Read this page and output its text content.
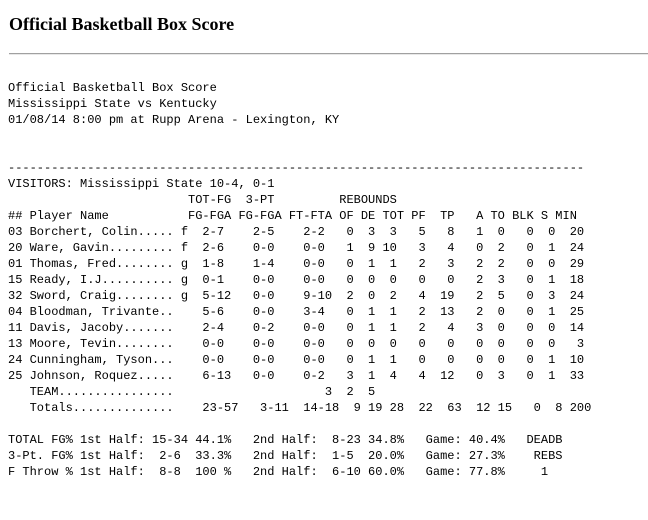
Official Basketball Box Score
Official Basketball Box Score
Mississippi State vs Kentucky
01/08/14 8:00 pm at Rupp Arena - Lexington, KY

--------------------------------------------------------------------------------
VISITORS: Mississippi State 10-4, 0-1
TOT-FG  3-PT         REBOUNDS
## Player Name           FG-FGA FG-FGA FT-FTA OF DE TOT PF  TP   A TO BLK S MIN
03 Borchert, Colin..... f  2-7    2-5    2-2   0  3  3   5   8   1  0   0  0  20
20 Ware, Gavin......... f  2-6    0-0    0-0   1  9 10   3   4   0  2   0  1  24
01 Thomas, Fred........ g  1-8    1-4    0-0   0  1  1   2   3   2  2   0  0  29
15 Ready, I.J.......... g  0-1    0-0    0-0   0  0  0   0   0   2  3   0  1  18
32 Sword, Craig........ g  5-12   0-0    9-10  2  0  2   4  19   2  5   0  3  24
04 Bloodman, Trivante..    5-6    0-0    3-4   0  1  1   2  13   2  0   0  1  25
11 Davis, Jacoby.......    2-4    0-2    0-0   0  1  1   2   4   3  0   0  0  14
13 Moore, Tevin........    0-0    0-0    0-0   0  0  0   0   0   0  0   0  0   3
24 Cunningham, Tyson...    0-0    0-0    0-0   0  1  1   0   0   0  0   0  1  10
25 Johnson, Roquez.....    6-13   0-0    0-2   3  1  4   4  12   0  3   0  1  33
TEAM................                     3  2  5
Totals..............    23-57   3-11  14-18  9 19 28  22  63  12 15   0  8 200

TOTAL FG% 1st Half: 15-34 44.1%   2nd Half:  8-23 34.8%   Game: 40.4%   DEADB
3-Pt. FG% 1st Half:  2-6  33.3%   2nd Half:  1-5  20.0%   Game: 27.3%    REBS
F Throw % 1st Half:  8-8  100 %   2nd Half:  6-10 60.0%   Game: 77.8%     1
